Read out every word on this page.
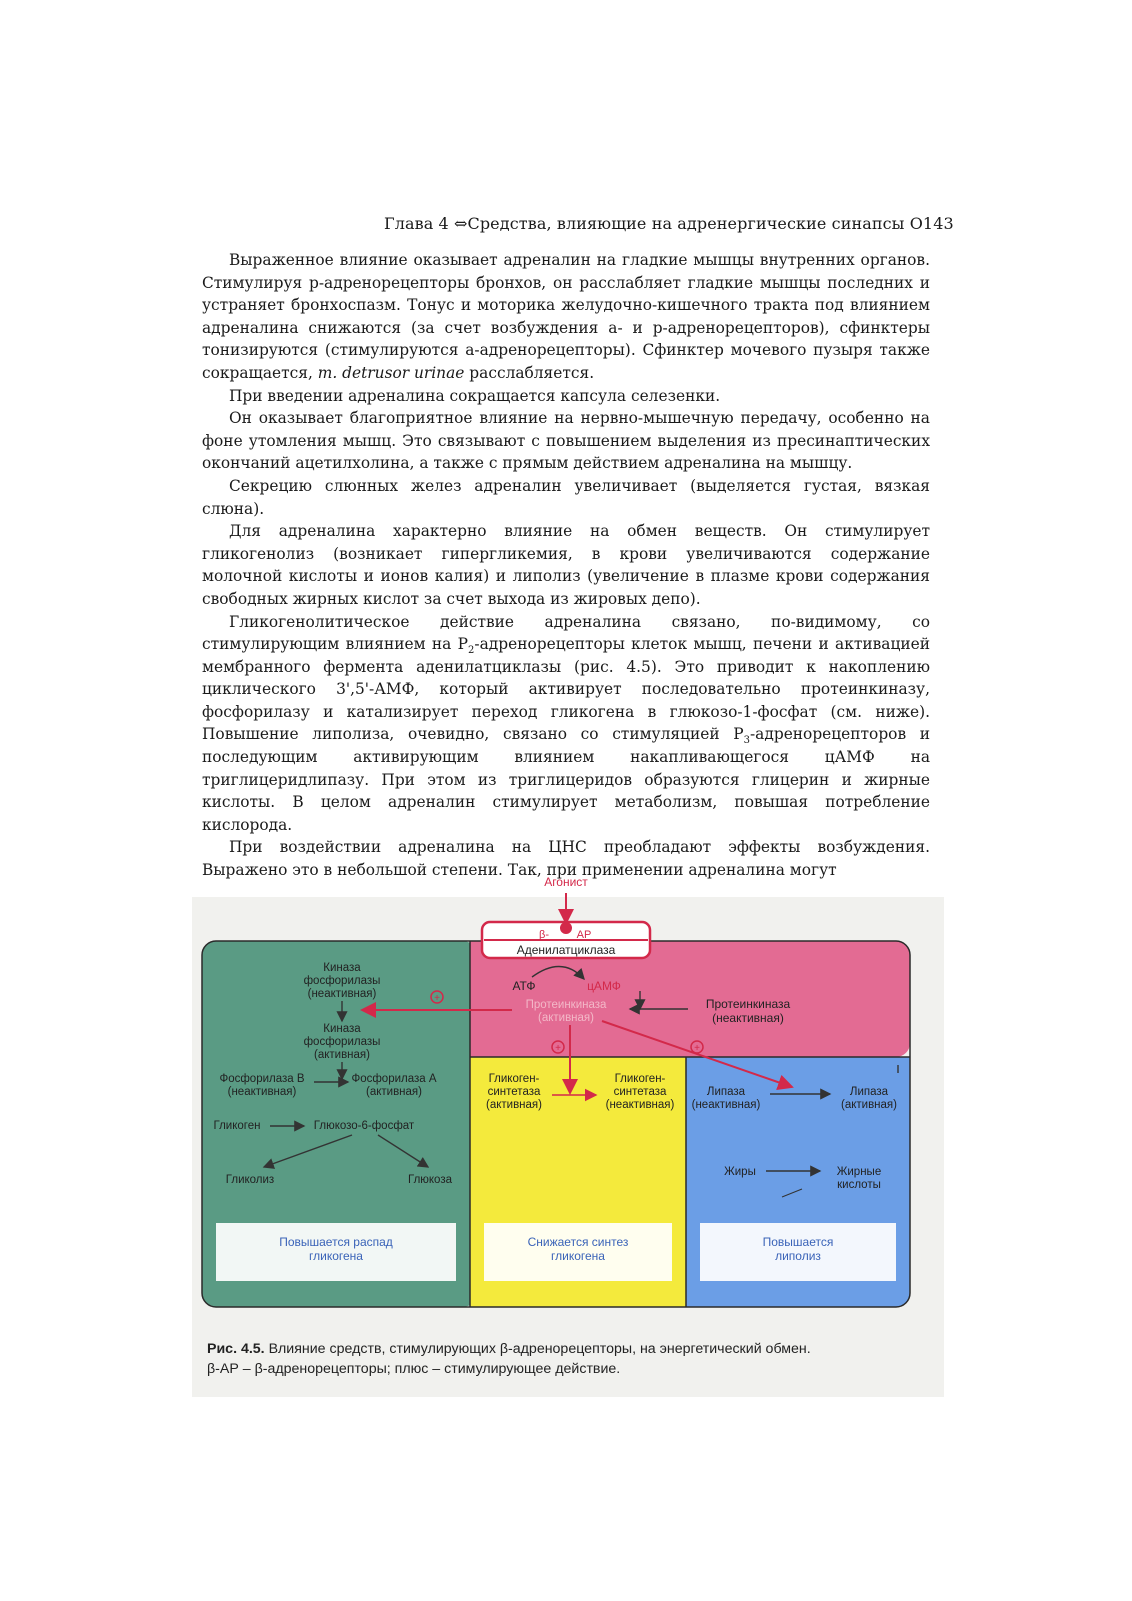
Глава 4 ⇔Средства, влияющие на адренергические синапсы O143

Выраженное влияние оказывает адреналин на гладкие мышцы внутренних органов. Стимулируя р-адренорецепторы бронхов, он расслабляет гладкие мышцы последних и устраняет бронхоспазм. Тонус и моторика желудочно-кишечного тракта под влиянием адреналина снижаются (за счет возбуждения а- и р-адренорецепторов), сфинктеры тонизируются (стимулируются а-адренорецепторы). Сфинктер мочевого пузыря также сокращается, m. detrusor urinae расслабляется.

При введении адреналина сокращается капсула селезенки.

Он оказывает благоприятное влияние на нервно-мышечную передачу, особенно на фоне утомления мышц. Это связывают с повышением выделения из пресинаптических окончаний ацетилхолина, а также с прямым действием адреналина на мышцу.

Секрецию слюнных желез адреналин увеличивает (выделяется густая, вязкая слюна).

Для адреналина характерно влияние на обмен веществ. Он стимулирует гликогенолиз (возникает гипергликемия, в крови увеличиваются содержание молочной кислоты и ионов калия) и липолиз (увеличение в плазме крови содержания свободных жирных кислот за счет выхода из жировых депо).

Гликогенолитическое действие адреналина связано, по-видимому, со стимулирующим влиянием на $Р_2$-адренорецепторы клеток мышц, печени и активацией мембранного фермента аденилатциклазы (рис. 4.5). Это приводит к накоплению циклического 3',5'-АМФ, который активирует последовательно протеинкиназу, фосфорилазу и катализирует переход гликогена в глюкозо-1-фосфат (см. ниже). Повышение липолиза, очевидно, связано со стимуляцией $Р_3$-адренорецепторов и последующим активирующим влиянием накапливающегося цАМФ на триглицеридлипазу. При этом из триглицеридов образуются глицерин и жирные кислоты. В целом адреналин стимулирует метаболизм, повышая потребление кислорода.

При воздействии адреналина на ЦНС преобладают эффекты возбуждения. Выражено это в небольшой степени. Так, при применении адреналина могут

Агонист
β-	АР
Аденилатциклаза
АТФ	цАМФ
Протеинкиназа
(активная)
Протеинкиназа
(неактивная)
+
+	+
Киназа
фосфорилазы
(неактивная)
Киназа
фосфорилазы
(активная)
Фосфорилаза В
(неактивная)
Фосфорилаза А
(активная)
Гликоген	Глюкозо-6-фосфат
Гликолиз	Глюкоза
Гликоген-
синтетаза
(активная)
Гликоген-
синтетаза
(неактивная)
Липаза
(неактивная)
Липаза
(активная)
Жиры	Жирные
кислоты
Повышается распад
гликогена
Снижается синтез
гликогена
Повышается
липолиз
Рис. 4.5. Влияние средств, стимулирующих β-адренорецепторы, на энергетический обмен.
β-АР – β-адренорецепторы; плюс – стимулирующее действие.
